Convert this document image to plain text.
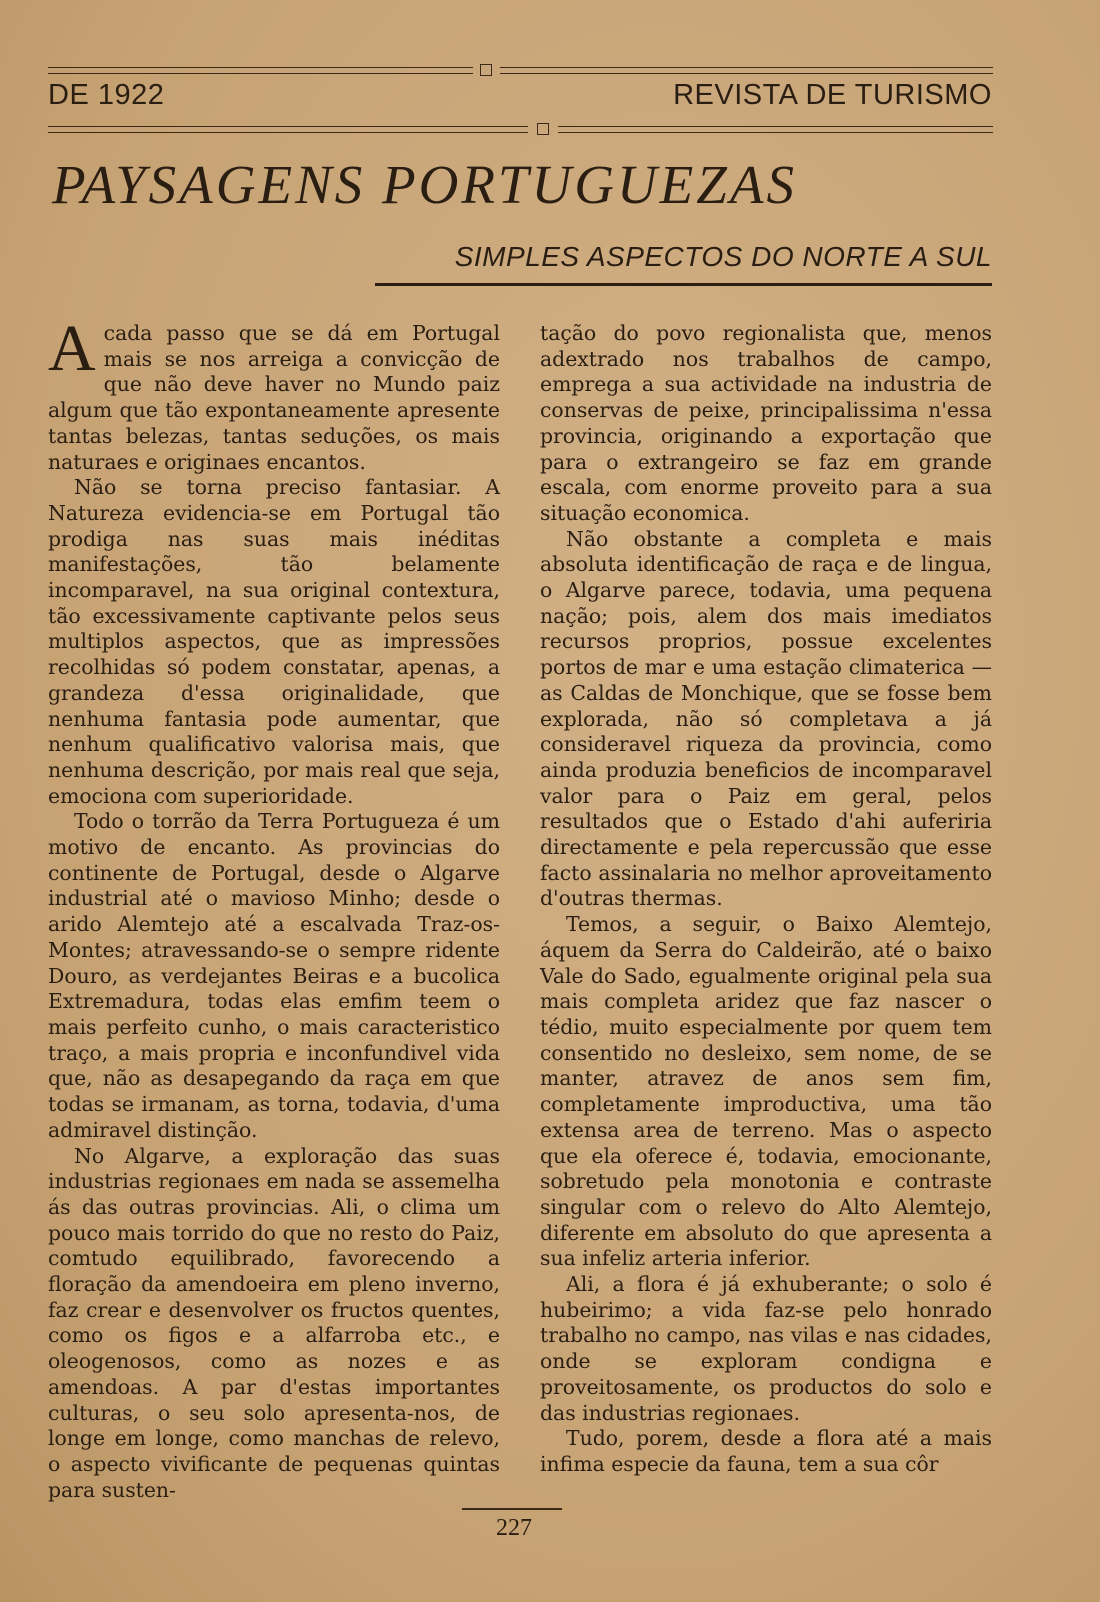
DE 1922	REVISTA DE TURISMO
PAYSAGENS PORTUGUEZAS
SIMPLES ASPECTOS DO NORTE A SUL

Acada passo que se dá em Portugal mais se nos arreiga a convicção de que não deve haver no Mundo paiz algum que tão expontaneamente apresente tantas belezas, tantas seduções, os mais naturaes e originaes encantos.

Não se torna preciso fantasiar. A Natureza evidencia-se em Portugal tão prodiga nas suas mais inéditas manifestações, tão belamente incomparavel, na sua original contextura, tão excessivamente captivante pelos seus multiplos aspectos, que as impressões recolhidas só podem constatar, apenas, a grandeza d'essa originalidade, que nenhuma fantasia pode aumentar, que nenhum qualificativo valorisa mais, que nenhuma descrição, por mais real que seja, emociona com superioridade.

Todo o torrão da Terra Portugueza é um motivo de encanto. As provincias do continente de Portugal, desde o Algarve industrial até o mavioso Minho; desde o arido Alemtejo até a escalvada Traz-os-Montes; atravessando-se o sempre ridente Douro, as verdejantes Beiras e a bucolica Extremadura, todas elas emfim teem o mais perfeito cunho, o mais caracteristico traço, a mais propria e inconfundivel vida que, não as desapegando da raça em que todas se irmanam, as torna, todavia, d'uma admiravel distinção.

No Algarve, a exploração das suas industrias regionaes em nada se assemelha ás das outras provincias. Ali, o clima um pouco mais torrido do que no resto do Paiz, comtudo equilibrado, favorecendo a floração da amendoeira em pleno inverno, faz crear e desenvolver os fructos quentes, como os figos e a alfarroba etc., e oleogenosos, como as nozes e as amendoas. A par d'estas importantes culturas, o seu solo apresenta-nos, de longe em longe, como manchas de relevo, o aspecto vivificante de pequenas quintas para susten-

tação do povo regionalista que, menos adextrado nos trabalhos de campo, emprega a sua actividade na industria de conservas de peixe, principalissima n'essa provincia, originando a exportação que para o extrangeiro se faz em grande escala, com enorme proveito para a sua situação economica.

Não obstante a completa e mais absoluta identificação de raça e de lingua, o Algarve parece, todavia, uma pequena nação; pois, alem dos mais imediatos recursos proprios, possue excelentes portos de mar e uma estação climaterica — as Caldas de Monchique, que se fosse bem explorada, não só completava a já consideravel riqueza da provincia, como ainda produzia beneficios de incomparavel valor para o Paiz em geral, pelos resultados que o Estado d'ahi auferiria directamente e pela repercussão que esse facto assinalaria no melhor aproveitamento d'outras thermas.

Temos, a seguir, o Baixo Alemtejo, áquem da Serra do Caldeirão, até o baixo Vale do Sado, egualmente original pela sua mais completa aridez que faz nascer o tédio, muito especialmente por quem tem consentido no desleixo, sem nome, de se manter, atravez de anos sem fim, completamente improductiva, uma tão extensa area de terreno. Mas o aspecto que ela oferece é, todavia, emocionante, sobretudo pela monotonia e contraste singular com o relevo do Alto Alemtejo, diferente em absoluto do que apresenta a sua infeliz arteria inferior.

Ali, a flora é já exhuberante; o solo é hubeirimo; a vida faz-se pelo honrado trabalho no campo, nas vilas e nas cidades, onde se exploram condigna e proveitosamente, os productos do solo e das industrias regionaes.

Tudo, porem, desde a flora até a mais infima especie da fauna, tem a sua côr

227
